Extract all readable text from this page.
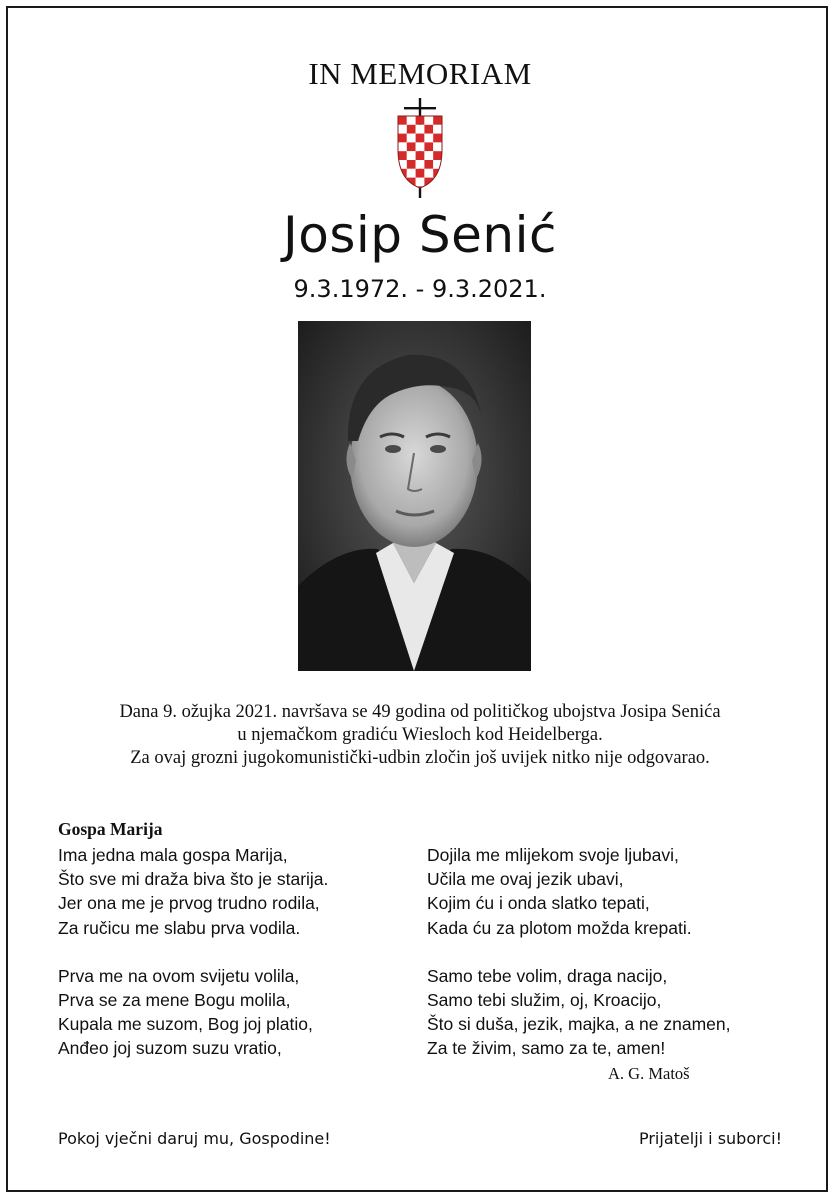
IN MEMORIAM
Josip Senić
9.3.1972. - 9.3.2021.
Dana 9. ožujka 2021. navršava se 49 godina od političkog ubojstva Josipa Senića
u njemačkom gradiću Wiesloch kod Heidelberga.
Za ovaj grozni jugokomunistički-udbin zločin još uvijek nitko nije odgovarao.
Gospa Marija
Ima jedna mala gospa Marija,
Što sve mi draža biva što je starija.
Jer ona me je prvog trudno rodila,
Za ručicu me slabu prva vodila.
Prva me na ovom svijetu volila,
Prva se za mene Bogu molila,
Kupala me suzom, Bog joj platio,
Anđeo joj suzom suzu vratio,
Dojila me mlijekom svoje ljubavi,
Učila me ovaj jezik ubavi,
Kojim ću i onda slatko tepati,
Kada ću za plotom možda krepati.
Samo tebe volim, draga nacijo,
Samo tebi služim, oj, Kroacijo,
Što si duša, jezik, majka, a ne znamen,
Za te živim, samo za te, amen!
A. G. Matoš
Pokoj vječni daruj mu, Gospodine!	Prijatelji i suborci!
